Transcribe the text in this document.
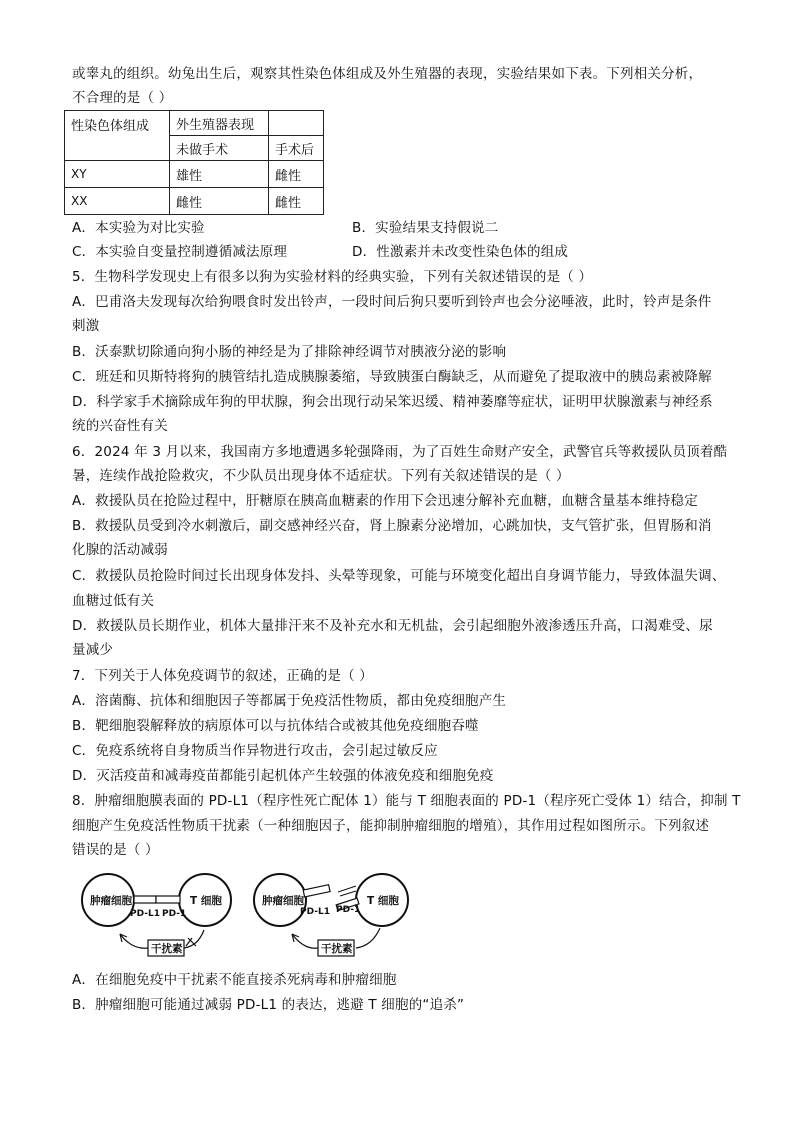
或睾丸的组织。幼兔出生后，观察其性染色体组成及外生殖器的表现，实验结果如下表。下列相关分析，
不合理的是（ ）
性染色体组成	外生殖器表现	
	未做手术	手术后
XY	雄性	雌性
XX	雌性	雌性
A．本实验为对比实验	B．实验结果支持假说二
C．本实验自变量控制遵循减法原理	D．性激素并未改变性染色体的组成
5．生物科学发现史上有很多以狗为实验材料的经典实验，下列有关叙述错误的是（ ）
A．巴甫洛夫发现每次给狗喂食时发出铃声，一段时间后狗只要听到铃声也会分泌唾液，此时，铃声是条件
刺激
B．沃泰默切除通向狗小肠的神经是为了排除神经调节对胰液分泌的影响
C．班廷和贝斯特将狗的胰管结扎造成胰腺萎缩，导致胰蛋白酶缺乏，从而避免了提取液中的胰岛素被降解
D．科学家手术摘除成年狗的甲状腺，狗会出现行动呆笨迟缓、精神萎靡等症状，证明甲状腺激素与神经系
统的兴奋性有关
6．2024 年 3 月以来，我国南方多地遭遇多轮强降雨，为了百姓生命财产安全，武警官兵等救援队员顶着酷
暑，连续作战抢险救灾，不少队员出现身体不适症状。下列有关叙述错误的是（ ）
A．救援队员在抢险过程中，肝糖原在胰高血糖素的作用下会迅速分解补充血糖，血糖含量基本维持稳定
B．救援队员受到冷水刺激后，副交感神经兴奋，肾上腺素分泌增加，心跳加快，支气管扩张，但胃肠和消
化腺的活动减弱
C．救援队员抢险时间过长出现身体发抖、头晕等现象，可能与环境变化超出自身调节能力，导致体温失调、
血糖过低有关
D．救援队员长期作业，机体大量排汗来不及补充水和无机盐，会引起细胞外液渗透压升高，口渴难受、尿
量减少
7．下列关于人体免疫调节的叙述，正确的是（ ）
A．溶菌酶、抗体和细胞因子等都属于免疫活性物质，都由免疫细胞产生
B．靶细胞裂解释放的病原体可以与抗体结合或被其他免疫细胞吞噬
C．免疫系统将自身物质当作异物进行攻击，会引起过敏反应
D．灭活疫苗和减毒疫苗都能引起机体产生较强的体液免疫和细胞免疫
8．肿瘤细胞膜表面的 PD-L1（程序性死亡配体 1）能与 T 细胞表面的 PD-1（程序死亡受体 1）结合，抑制 T
细胞产生免疫活性物质干扰素（一种细胞因子，能抑制肿瘤细胞的增殖），其作用过程如图所示。下列叙述
错误的是（ ）
肿瘤细胞	T 细胞
PD-L1 PD-1
干扰素
肿瘤细胞	T 细胞
PD-L1 PD-1
干扰素
A．在细胞免疫中干扰素不能直接杀死病毒和肿瘤细胞
B．肿瘤细胞可能通过减弱 PD-L1 的表达，逃避 T 细胞的“追杀”
